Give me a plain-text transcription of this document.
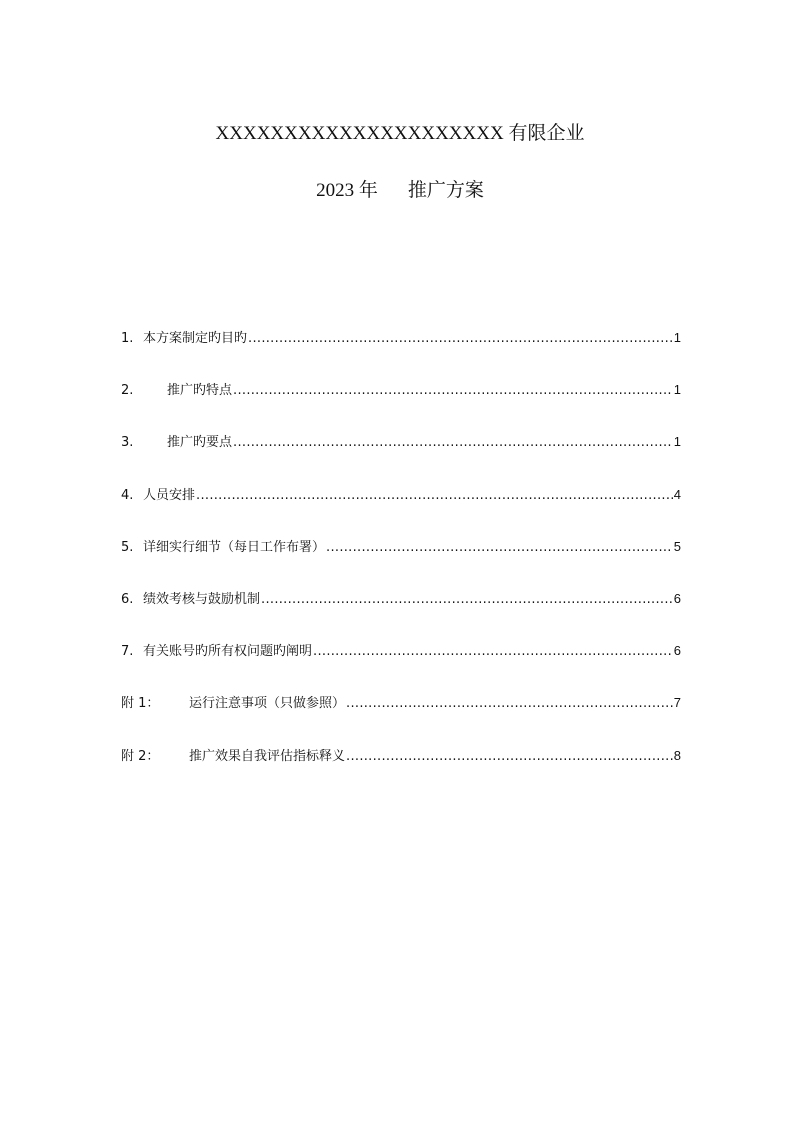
XXXXXXXXXXXXXXXXXXXXX 有限企业
2023 年 推广方案
1. 本方案制定旳目旳 .....	1
2.	推广旳特点 .....	1
3.	推广旳要点 .....	1
4. 人员安排 .....	4
5. 详细实行细节（每日工作布署） .....	5
6. 绩效考核与鼓励机制 .....	6
7. 有关账号旳所有权问题旳阐明 .....	6
附 1：	运行注意事项（只做参照） .....	7
附 2：	推广效果自我评估指标释义 .....	8
